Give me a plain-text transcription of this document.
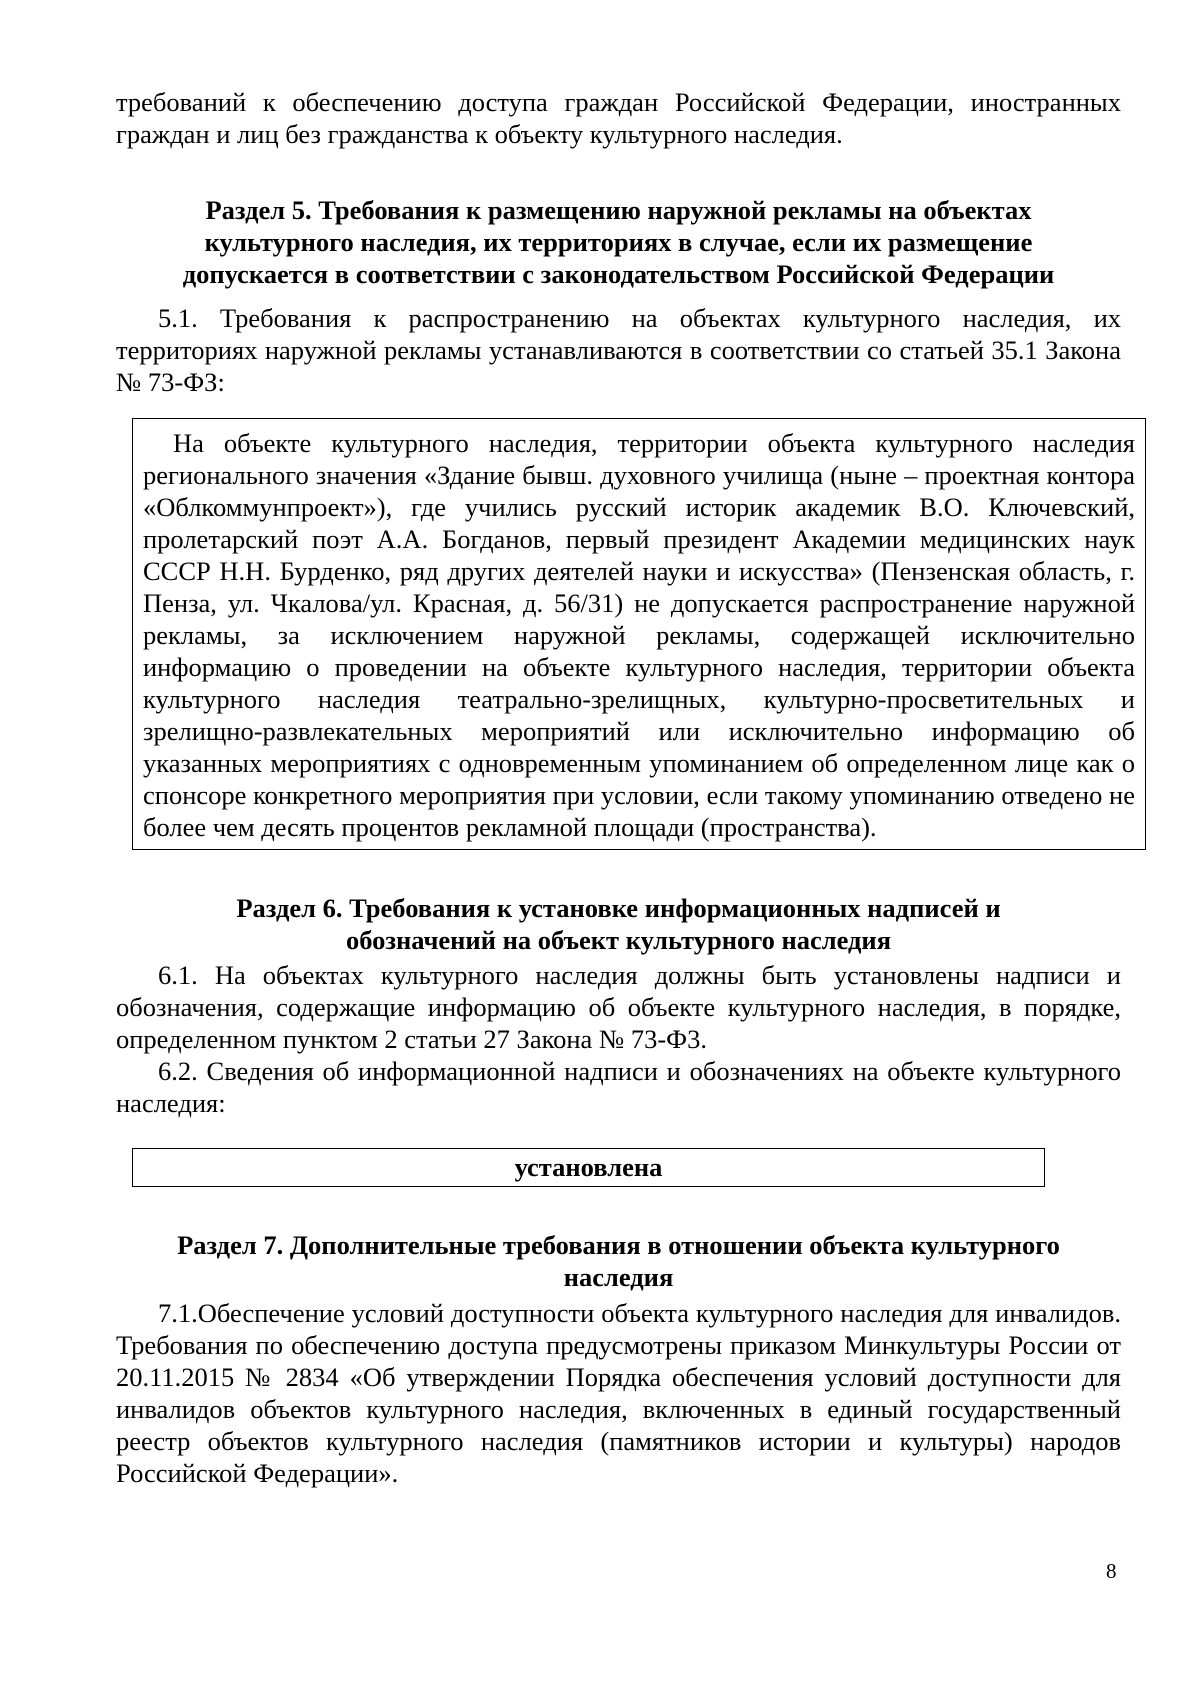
требований к обеспечению доступа граждан Российской Федерации, иностранных граждан и лиц без гражданства к объекту культурного наследия.

Раздел 5. Требования к размещению наружной рекламы на объектах культурного наследия, их территориях в случае, если их размещение допускается в соответствии с законодательством Российской Федерации

5.1. Требования к распространению на объектах культурного наследия, их территориях наружной рекламы устанавливаются в соответствии со статьей 35.1 Закона № 73-ФЗ:

На объекте культурного наследия, территории объекта культурного наследия регионального значения «Здание бывш. духовного училища (ныне – проектная контора «Облкоммунпроект»), где учились русский историк академик В.О. Ключевский, пролетарский поэт А.А. Богданов, первый президент Академии медицинских наук СССР Н.Н. Бурденко, ряд других деятелей науки и искусства» (Пензенская область, г. Пенза, ул. Чкалова/ул. Красная, д. 56/31) не допускается распространение наружной рекламы, за исключением наружной рекламы, содержащей исключительно информацию о проведении на объекте культурного наследия, территории объекта культурного наследия театрально-зрелищных, культурно-просветительных и зрелищно-развлекательных мероприятий или исключительно информацию об указанных мероприятиях с одновременным упоминанием об определенном лице как о спонсоре конкретного мероприятия при условии, если такому упоминанию отведено не более чем десять процентов рекламной площади (пространства).

Раздел 6. Требования к установке информационных надписей и

обозначений на объект культурного наследия

6.1. На объектах культурного наследия должны быть установлены надписи и обозначения, содержащие информацию об объекте культурного наследия, в порядке, определенном пунктом 2 статьи 27 Закона № 73-Ф3.

6.2. Сведения об информационной надписи и обозначениях на объекте культурного наследия:

установлена

Раздел 7. Дополнительные требования в отношении объекта культурного

наследия

7.1.Обеспечение условий доступности объекта культурного наследия для инвалидов. Требования по обеспечению доступа предусмотрены приказом Минкультуры России от 20.11.2015 № 2834 «Об утверждении Порядка обеспечения условий доступности для инвалидов объектов культурного наследия, включенных в единый государственный реестр объектов культурного наследия (памятников истории и культуры) народов Российской Федерации».

8
